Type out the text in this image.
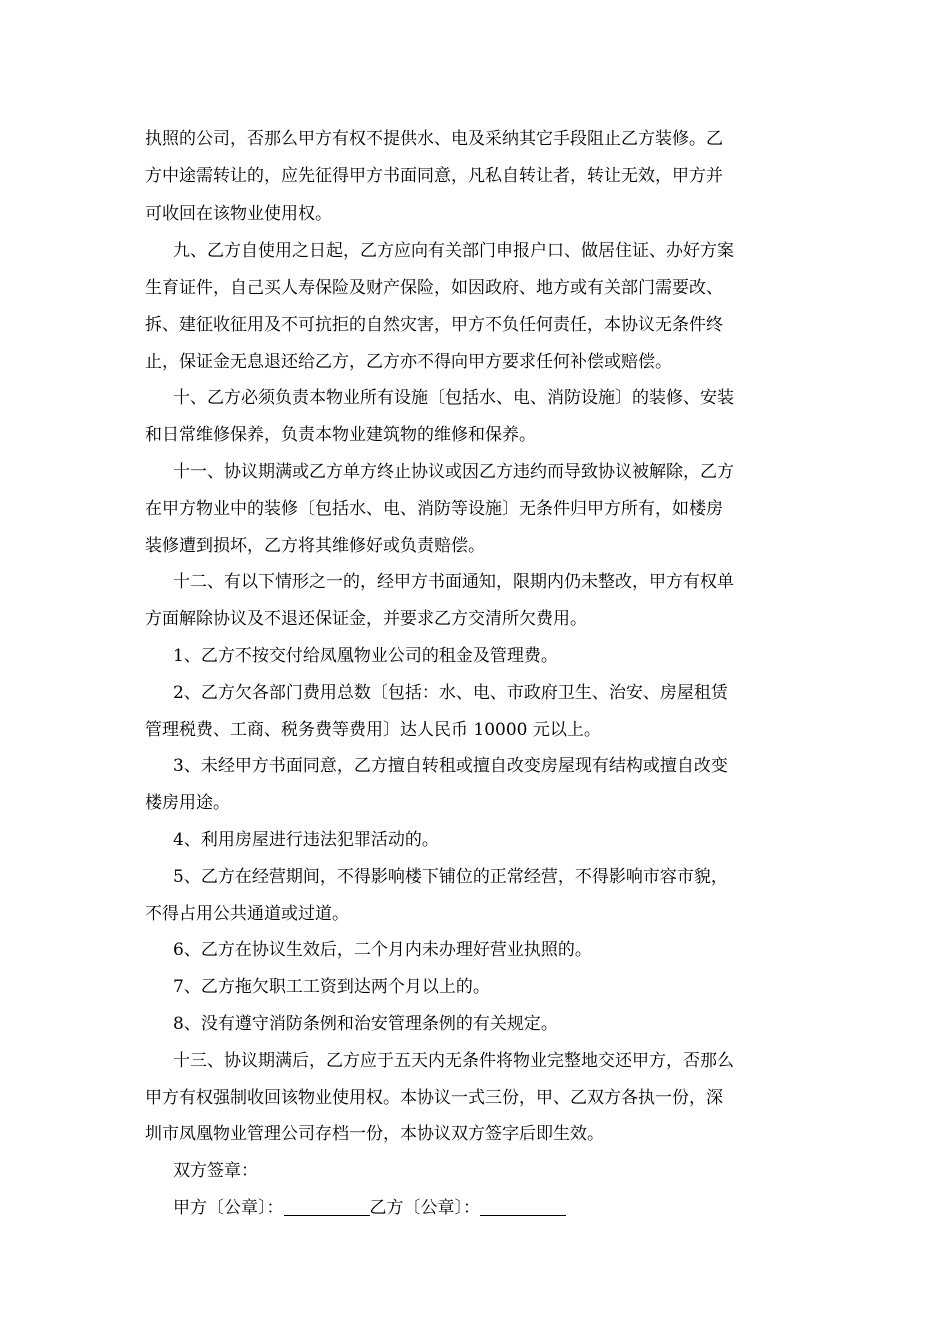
执照的公司，否那么甲方有权不提供水、电及采纳其它手段阻止乙方装修。乙
方中途需转让的，应先征得甲方书面同意，凡私自转让者，转让无效，甲方并
可收回在该物业使用权。
九、乙方自使用之日起，乙方应向有关部门申报户口、做居住证、办好方案
生育证件，自己买人寿保险及财产保险，如因政府、地方或有关部门需要改、
拆、建征收征用及不可抗拒的自然灾害，甲方不负任何责任，本协议无条件终
止，保证金无息退还给乙方，乙方亦不得向甲方要求任何补偿或赔偿。
十、乙方必须负责本物业所有设施〔包括水、电、消防设施〕的装修、安装
和日常维修保养，负责本物业建筑物的维修和保养。
十一、协议期满或乙方单方终止协议或因乙方违约而导致协议被解除，乙方
在甲方物业中的装修〔包括水、电、消防等设施〕无条件归甲方所有，如楼房
装修遭到损坏，乙方将其维修好或负责赔偿。
十二、有以下情形之一的，经甲方书面通知，限期内仍未整改，甲方有权单
方面解除协议及不退还保证金，并要求乙方交清所欠费用。
1、乙方不按交付给凤凰物业公司的租金及管理费。
2、乙方欠各部门费用总数〔包括：水、电、市政府卫生、治安、房屋租赁
管理税费、工商、税务费等费用〕达人民币 10000 元以上。
3、未经甲方书面同意，乙方擅自转租或擅自改变房屋现有结构或擅自改变
楼房用途。
4、利用房屋进行违法犯罪活动的。
5、乙方在经营期间，不得影响楼下铺位的正常经营，不得影响市容市貌，
不得占用公共通道或过道。
6、乙方在协议生效后，二个月内未办理好营业执照的。
7、乙方拖欠职工工资到达两个月以上的。
8、没有遵守消防条例和治安管理条例的有关规定。
十三、协议期满后，乙方应于五天内无条件将物业完整地交还甲方，否那么
甲方有权强制收回该物业使用权。本协议一式三份，甲、乙双方各执一份，深
圳市凤凰物业管理公司存档一份，本协议双方签字后即生效。
双方签章：
甲方〔公章〕：	乙方〔公章〕：
